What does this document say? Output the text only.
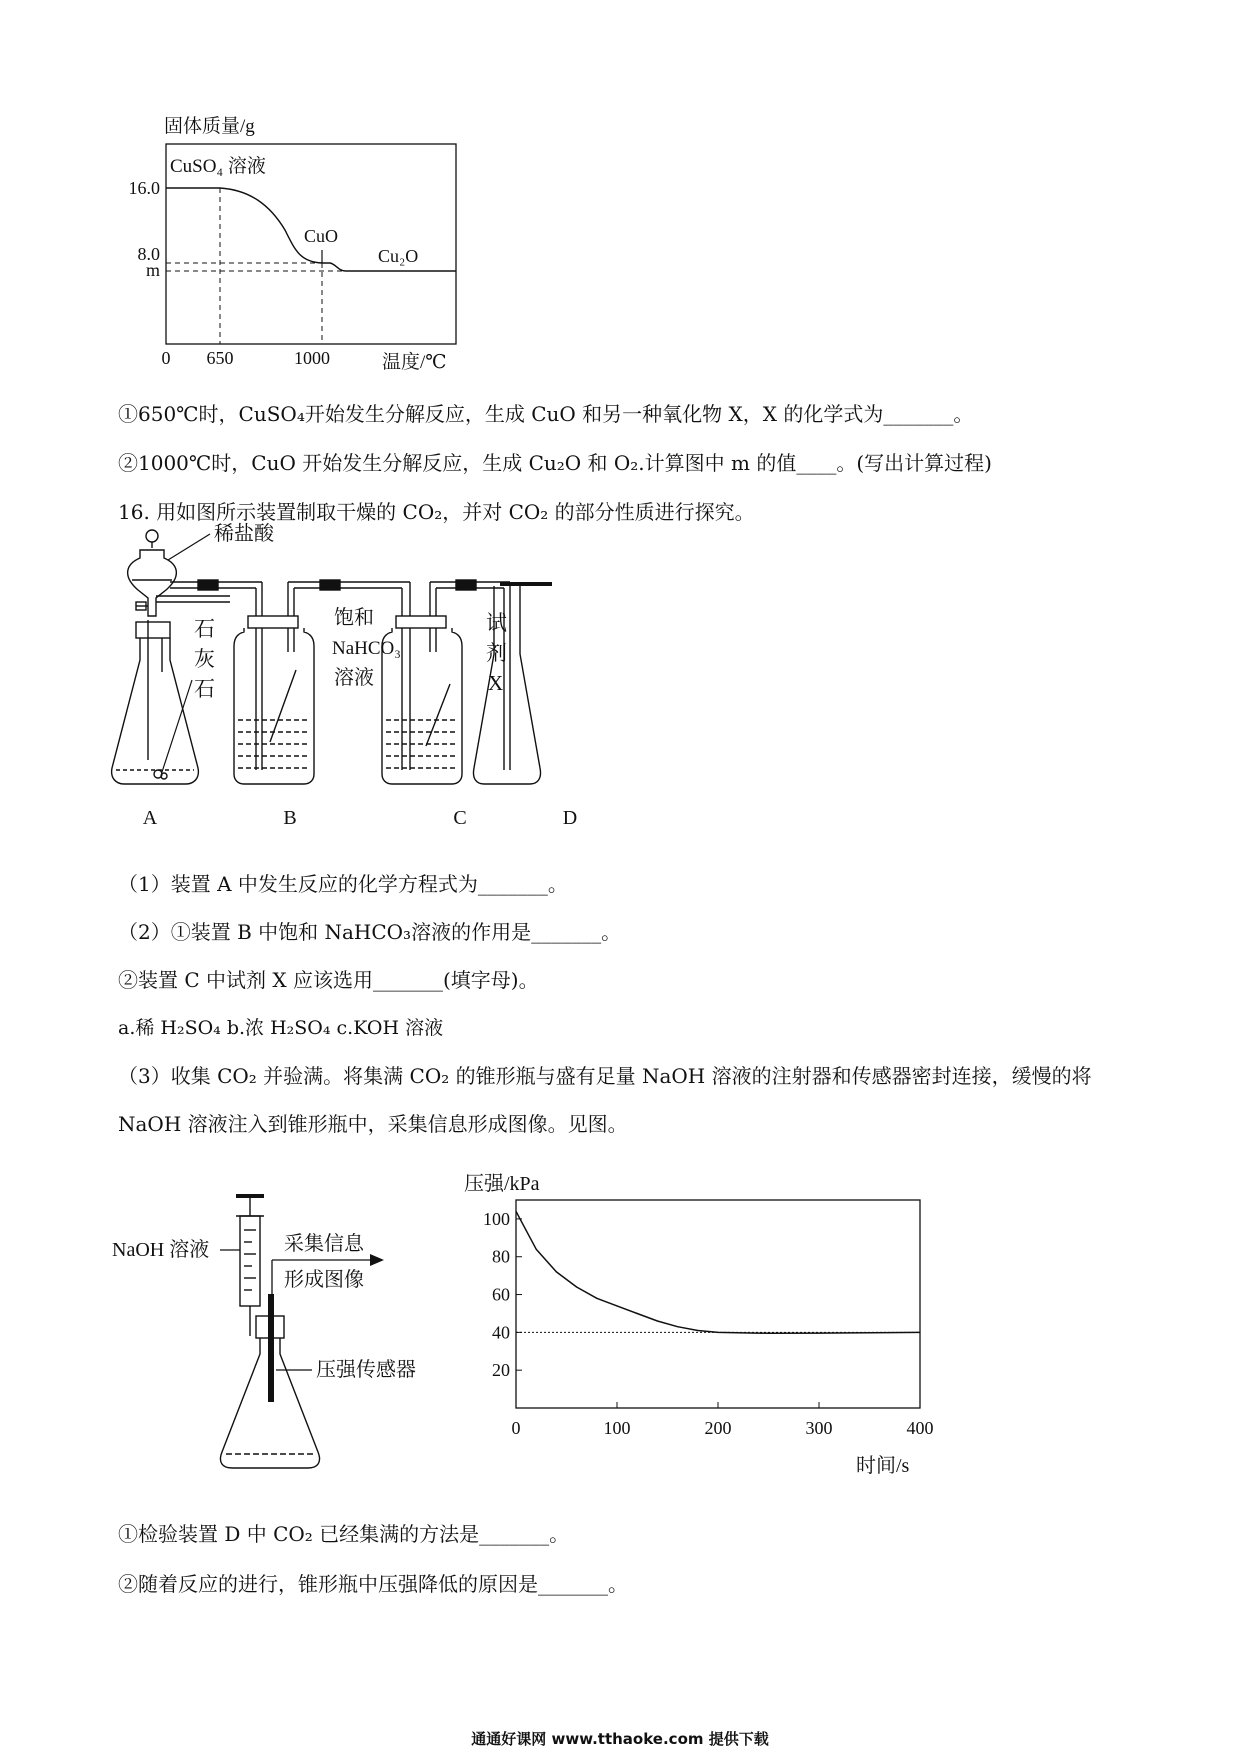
固体质量/g
CuSO₄ 溶液
CuO
Cu₂O
16.0
8.0
m
0 650	1000	温度/℃
①650℃时，CuSO₄开始发生分解反应，生成 CuO 和另一种氧化物 X，X 的化学式为_______。
②1000℃时，CuO 开始发生分解反应，生成 Cu₂O 和 O₂.计算图中 m 的值____。(写出计算过程)
16. 用如图所示装置制取干燥的 CO₂，并对 CO₂ 的部分性质进行探究。
稀盐酸
石
灰
石
饱和
NaHCO₃
溶液
试
剂
X
A	B	C	D
（1）装置 A 中发生反应的化学方程式为_______。
（2）①装置 B 中饱和 NaHCO₃溶液的作用是_______。
②装置 C 中试剂 X 应该选用_______(填字母)。
a.稀 H₂SO₄ b.浓 H₂SO₄ c.KOH 溶液
（3）收集 CO₂ 并验满。将集满 CO₂ 的锥形瓶与盛有足量 NaOH 溶液的注射器和传感器密封连接，缓慢的将
NaOH 溶液注入到锥形瓶中，采集信息形成图像。见图。
NaOH 溶液	采集信息
形成图像
压强传感器
压强/kPa
20
40
60
80
100
0	100	200	300	400
时间/s
①检验装置 D 中 CO₂ 已经集满的方法是_______。
②随着反应的进行，锥形瓶中压强降低的原因是_______。
通通好课网 www.tthaoke.com 提供下载
